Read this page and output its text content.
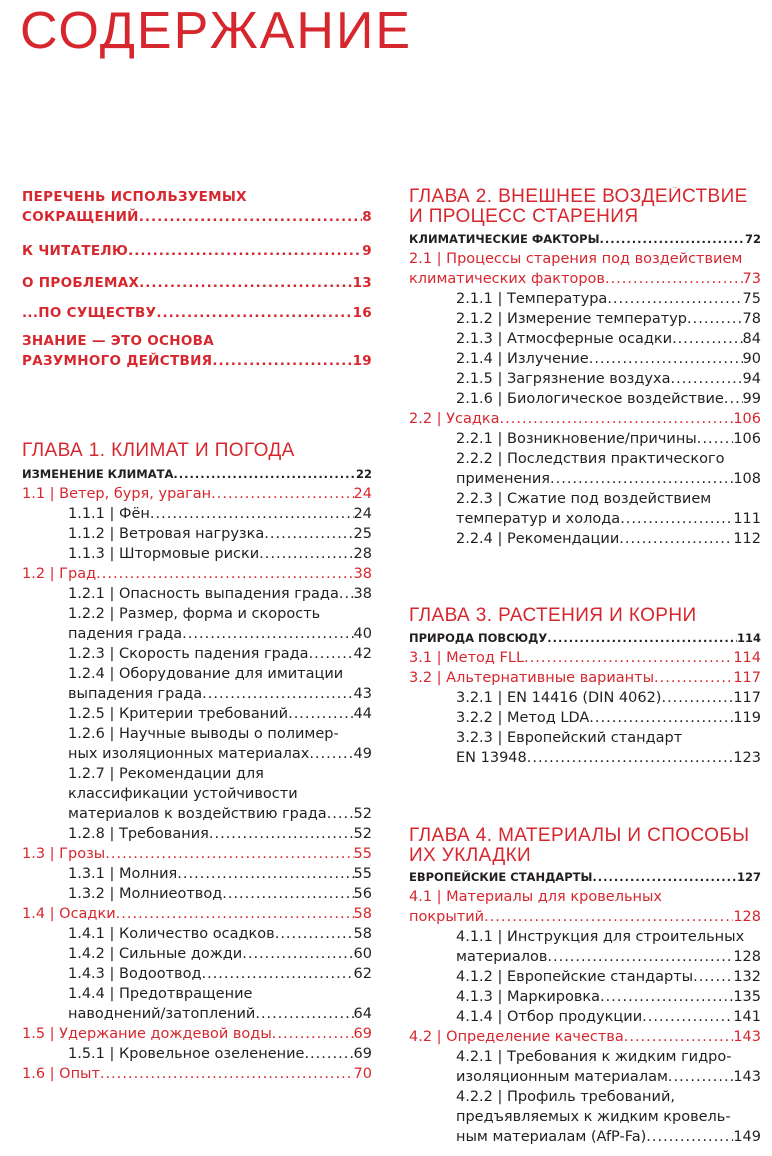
СОДЕРЖАНИЕ
ПЕРЕЧЕНЬ ИСПОЛЬЗУЕМЫХ
СОКРАЩЕНИЙ .....	8
К ЧИТАТЕЛЮ .....	9
О ПРОБЛЕМАХ .....	13
...ПО СУЩЕСТВУ .....	16
ЗНАНИЕ — ЭТО ОСНОВА
РАЗУМНОГО ДЕЙСТВИЯ .....	19
ГЛАВА 1. КЛИМАТ И ПОГОДА
ИЗМЕНЕНИЕ КЛИМАТА .....	22
1.1 | Ветер, буря, ураган .....	24
1.1.1 | Фён .....	24
1.1.2 | Ветровая нагрузка .....	25
1.1.3 | Штормовые риски .....	28
1.2 | Град .....	38
1.2.1 | Опасность выпадения града ..... 38
1.2.2 | Размер, форма и скорость
падения града .....	40
1.2.3 | Скорость падения града .....	42
1.2.4 | Оборудование для имитации
выпадения града .....	43
1.2.5 | Критерии требований .....	44
1.2.6 | Научные выводы о полимер-
ных изоляционных материалах .....	49
1.2.7 | Рекомендации для
классификации устойчивости
материалов к воздействию града ..... 52
1.2.8 | Требования .....	52
1.3 | Грозы .....	55
1.3.1 | Молния .....	55
1.3.2 | Молниеотвод .....	56
1.4 | Осадки .....	58
1.4.1 | Количество осадков .....	58
1.4.2 | Сильные дожди .....	60
1.4.3 | Водоотвод .....	62
1.4.4 | Предотвращение
наводнений/затоплений .....	64
1.5 | Удержание дождевой воды .....	69
1.5.1 | Кровельное озеленение .....	69
1.6 | Опыт .....	70
ГЛАВА 2. ВНЕШНЕЕ ВОЗДЕЙСТВИЕ
И ПРОЦЕСС СТАРЕНИЯ
КЛИМАТИЧЕСКИЕ ФАКТОРЫ .....	72
2.1 | Процессы старения под воздействием
климатических факторов .....	73
2.1.1 | Температура .....	75
2.1.2 | Измерение температур .....	78
2.1.3 | Атмосферные осадки .....	84
2.1.4 | Излучение .....	90
2.1.5 | Загрязнение воздуха .....	94
2.1.6 | Биологическое воздействие ..... 99
2.2 | Усадка .....	106
2.2.1 | Возникновение/причины .....	106
2.2.2 | Последствия практического
применения .....	108
2.2.3 | Сжатие под воздействием
температур и холода .....	111
2.2.4 | Рекомендации .....	112
ГЛАВА 3. РАСТЕНИЯ И КОРНИ
ПРИРОДА ПОВСЮДУ .....	114
3.1 | Метод FLL .....	114
3.2 | Альтернативные варианты .....	117
3.2.1 | EN 14416 (DIN 4062) .....	117
3.2.2 | Метод LDA .....	119
3.2.3 | Европейский стандарт
EN 13948 .....	123
ГЛАВА 4. МАТЕРИАЛЫ И СПОСОБЫ
ИХ УКЛАДКИ
ЕВРОПЕЙСКИЕ СТАНДАРТЫ .....	127
4.1 | Материалы для кровельных
покрытий .....	128
4.1.1 | Инструкция для строительных
материалов .....	128
4.1.2 | Европейские стандарты .....	132
4.1.3 | Маркировка .....	135
4.1.4 | Отбор продукции .....	141
4.2 | Определение качества .....	143
4.2.1 | Требования к жидким гидро-
изоляционным материалам .....	143
4.2.2 | Профиль требований,
предъявляемых к жидким кровель-
ным материалам (AfP-Fa) .....	149
